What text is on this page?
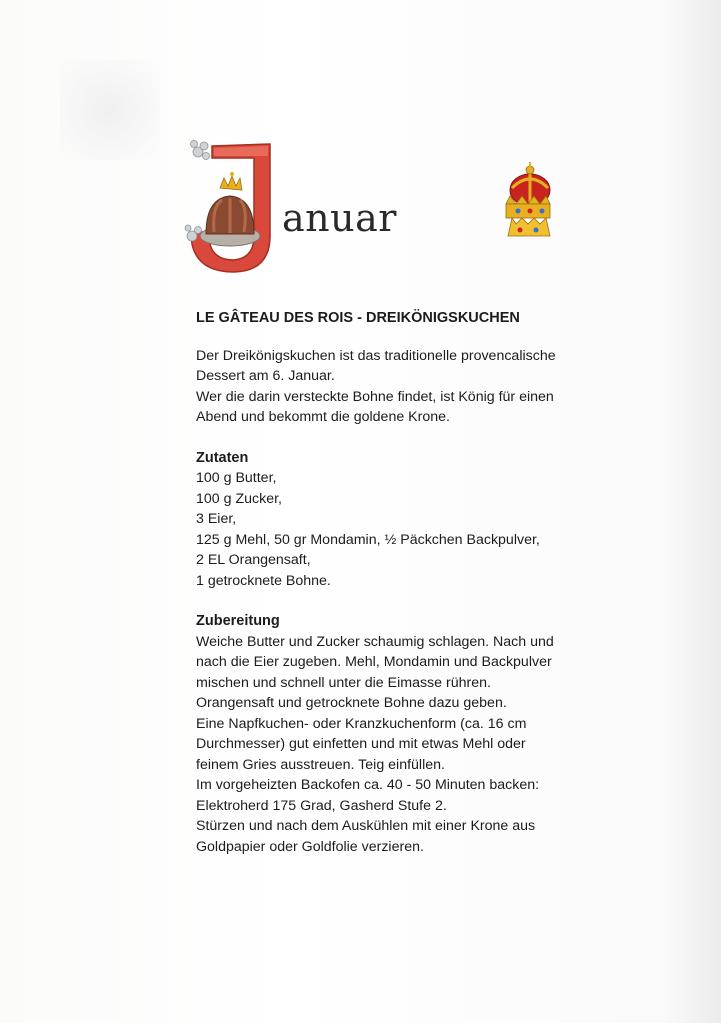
anuar
LE GÂTEAU DES ROIS - DREIKÖNIGSKUCHEN
Der Dreikönigskuchen ist das traditionelle provencalische
Dessert am 6. Januar.
Wer die darin versteckte Bohne findet, ist König für einen
Abend und bekommt die goldene Krone.
Zutaten
100 g Butter,
100 g Zucker,
3 Eier,
125 g Mehl, 50 gr Mondamin, ½ Päckchen Backpulver,
2 EL Orangensaft,
1 getrocknete Bohne.
Zubereitung
Weiche Butter und Zucker schaumig schlagen. Nach und
nach die Eier zugeben. Mehl, Mondamin und Backpulver
mischen und schnell unter die Eimasse rühren.
Orangensaft und getrocknete Bohne dazu geben.
Eine Napfkuchen- oder Kranzkuchenform (ca. 16 cm
Durchmesser) gut einfetten und mit etwas Mehl oder
feinem Gries ausstreuen. Teig einfüllen.
Im vorgeheizten Backofen ca. 40 - 50 Minuten backen:
Elektroherd 175 Grad, Gasherd Stufe 2.
Stürzen und nach dem Auskühlen mit einer Krone aus
Goldpapier oder Goldfolie verzieren.
